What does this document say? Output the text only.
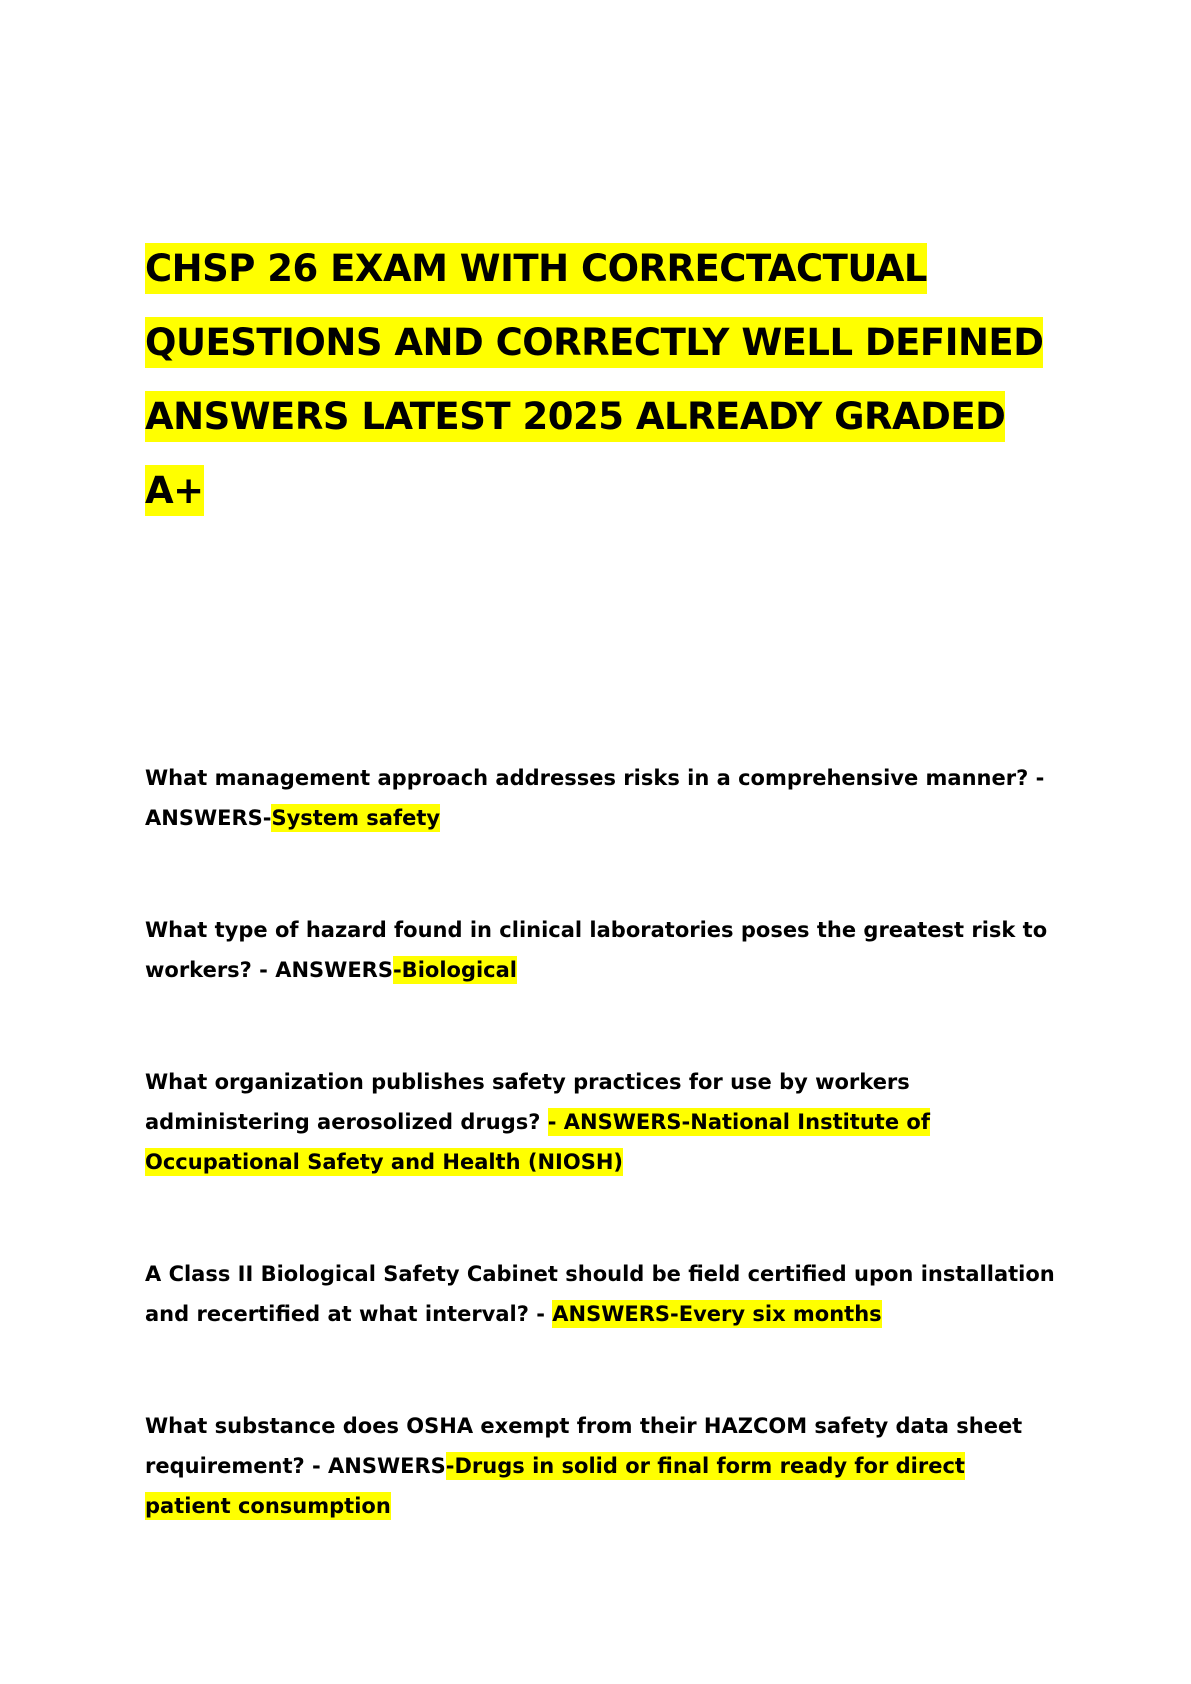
CHSP 26 EXAM WITH CORRECTACTUAL QUESTIONS AND CORRECTLY WELL DEFINED ANSWERS LATEST 2025 ALREADY GRADED A+
What management approach addresses risks in a comprehensive manner? - ANSWERS-System safety
What type of hazard found in clinical laboratories poses the greatest risk to workers? - ANSWERS-Biological
What organization publishes safety practices for use by workers administering aerosolized drugs? - ANSWERS-National Institute of Occupational Safety and Health (NIOSH)
A Class II Biological Safety Cabinet should be field certified upon installation and recertified at what interval? - ANSWERS-Every six months
What substance does OSHA exempt from their HAZCOM safety data sheet requirement? - ANSWERS-Drugs in solid or final form ready for direct patient consumption
